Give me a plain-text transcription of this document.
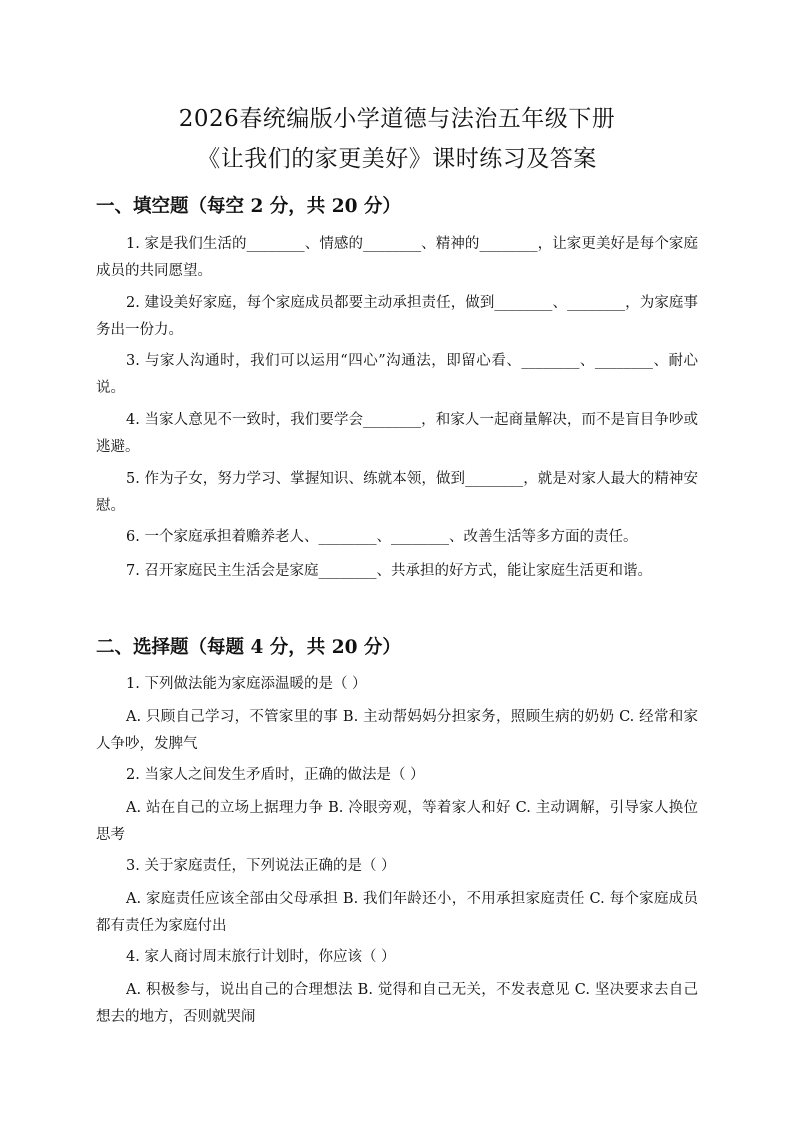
2026春统编版小学道德与法治五年级下册
《让我们的家更美好》课时练习及答案
一、填空题（每空 2 分，共 20 分）
1. 家是我们生活的________、情感的________、精神的________，让家更美好是每个家庭成员的共同愿望。
2. 建设美好家庭，每个家庭成员都要主动承担责任，做到________、________，为家庭事务出一份力。
3. 与家人沟通时，我们可以运用“四心”沟通法，即留心看、________、________、耐心说。
4. 当家人意见不一致时，我们要学会________，和家人一起商量解决，而不是盲目争吵或逃避。
5. 作为子女，努力学习、掌握知识、练就本领，做到________，就是对家人最大的精神安慰。
6. 一个家庭承担着赡养老人、________、________、改善生活等多方面的责任。
7. 召开家庭民主生活会是家庭________、共承担的好方式，能让家庭生活更和谐。
二、选择题（每题 4 分，共 20 分）
1. 下列做法能为家庭添温暖的是（ ）
A. 只顾自己学习，不管家里的事 B. 主动帮妈妈分担家务，照顾生病的奶奶 C. 经常和家人争吵，发脾气
2. 当家人之间发生矛盾时，正确的做法是（ ）
A. 站在自己的立场上据理力争 B. 冷眼旁观，等着家人和好 C. 主动调解，引导家人换位思考
3. 关于家庭责任，下列说法正确的是（ ）
A. 家庭责任应该全部由父母承担 B. 我们年龄还小，不用承担家庭责任 C. 每个家庭成员都有责任为家庭付出
4. 家人商讨周末旅行计划时，你应该（ ）
A. 积极参与，说出自己的合理想法 B. 觉得和自己无关，不发表意见 C. 坚决要求去自己想去的地方，否则就哭闹
